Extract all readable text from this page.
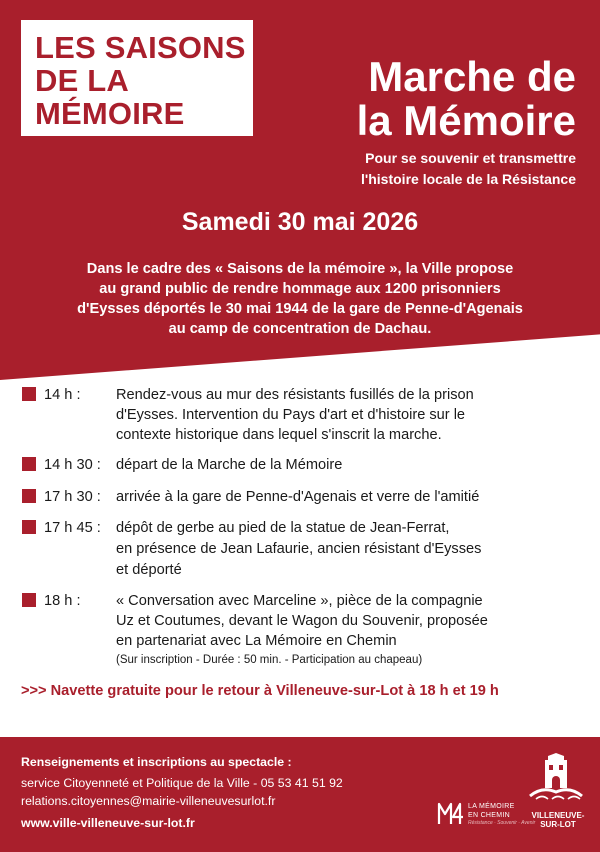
LES SAISONS
DE LA
MÉMOIRE
Marche de
la Mémoire
Pour se souvenir et transmettre
l'histoire locale de la Résistance
Samedi 30 mai 2026
Dans le cadre des « Saisons de la mémoire », la Ville propose
au grand public de rendre hommage aux 1200 prisonniers
d'Eysses déportés le 30 mai 1944 de la gare de Penne-d'Agenais
au camp de concentration de Dachau.
14 h : Rendez-vous au mur des résistants fusillés de la prison
d'Eysses. Intervention du Pays d'art et d'histoire sur le
contexte historique dans lequel s'inscrit la marche.
14 h 30 : départ de la Marche de la Mémoire
17 h 30 : arrivée à la gare de Penne-d'Agenais et verre de l'amitié
17 h 45 : dépôt de gerbe au pied de la statue de Jean-Ferrat,
en présence de Jean Lafaurie, ancien résistant d'Eysses
et déporté
18 h : « Conversation avec Marceline », pièce de la compagnie
Uz et Coutumes, devant le Wagon du Souvenir, proposée
en partenariat avec La Mémoire en Chemin
(Sur inscription - Durée : 50 min. - Participation au chapeau)
>>> Navette gratuite pour le retour à Villeneuve-sur-Lot à 18 h et 19 h
Renseignements et inscriptions au spectacle :
service Citoyenneté et Politique de la Ville - 05 53 41 51 92
relations.citoyennes@mairie-villeneuvesurlot.fr
www.ville-villeneuve-sur-lot.fr
LA MÉMOIRE
EN CHEMIN
Résistance · Souvenir · Avenir
VILLENEUVE-
SUR-LOT
